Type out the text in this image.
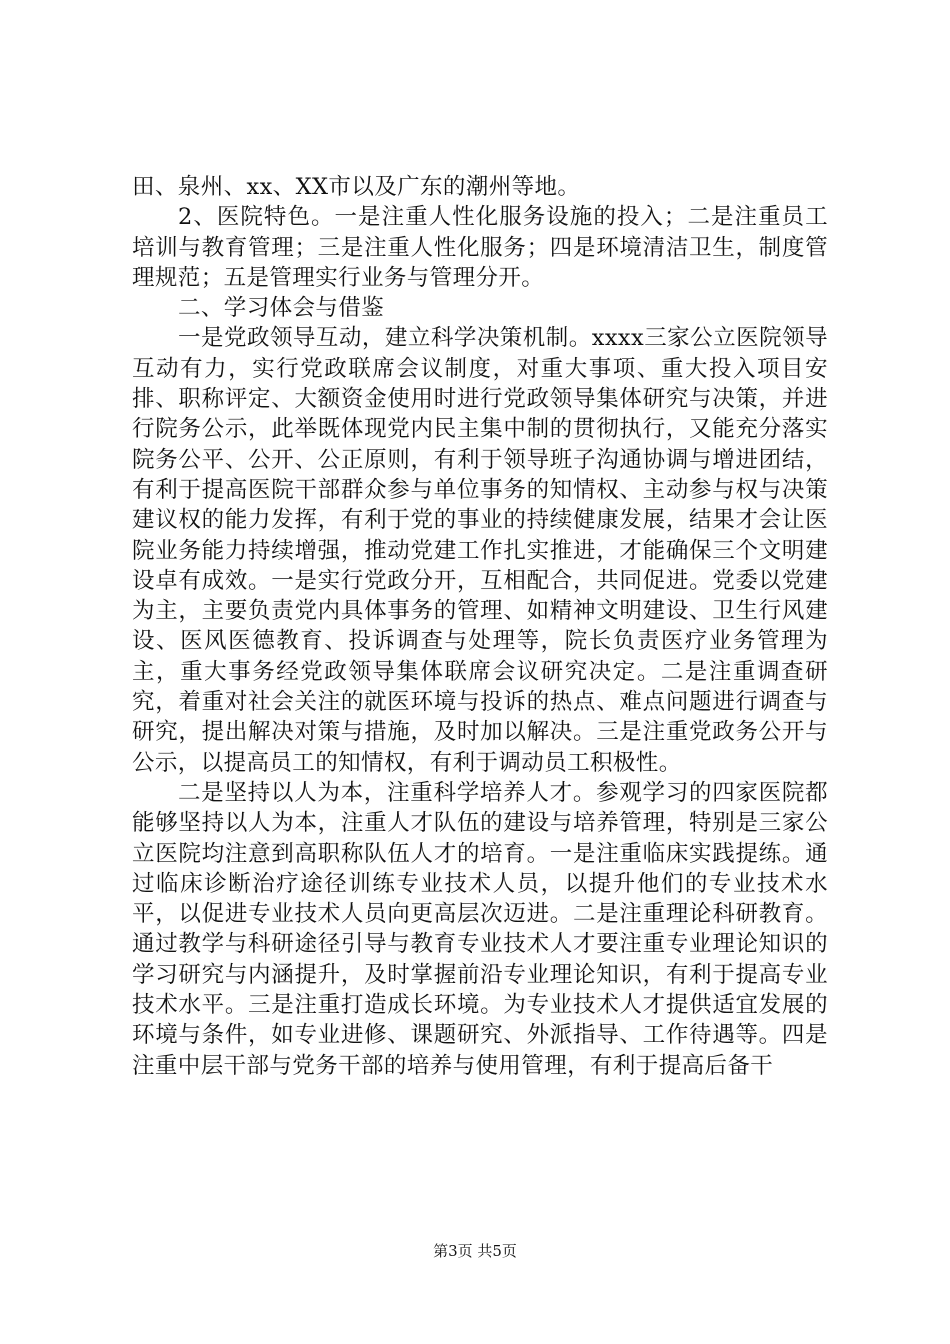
田、泉州、xx、XX市以及广东的潮州等地。

2、医院特色。一是注重人性化服务设施的投入；二是注重员工培训与教育管理；三是注重人性化服务；四是环境清洁卫生，制度管理规范；五是管理实行业务与管理分开。

二、学习体会与借鉴

一是党政领导互动，建立科学决策机制。xxxx三家公立医院领导互动有力，实行党政联席会议制度，对重大事项、重大投入项目安排、职称评定、大额资金使用时进行党政领导集体研究与决策，并进行院务公示，此举既体现党内民主集中制的贯彻执行，又能充分落实院务公平、公开、公正原则，有利于领导班子沟通协调与增进团结，有利于提高医院干部群众参与单位事务的知情权、主动参与权与决策建议权的能力发挥，有利于党的事业的持续健康发展，结果才会让医院业务能力持续增强，推动党建工作扎实推进，才能确保三个文明建设卓有成效。一是实行党政分开，互相配合，共同促进。党委以党建为主，主要负责党内具体事务的管理、如精神文明建设、卫生行风建设、医风医德教育、投诉调查与处理等，院长负责医疗业务管理为主，重大事务经党政领导集体联席会议研究决定。二是注重调查研究，着重对社会关注的就医环境与投诉的热点、难点问题进行调查与研究，提出解决对策与措施，及时加以解决。三是注重党政务公开与公示，以提高员工的知情权，有利于调动员工积极性。

二是坚持以人为本，注重科学培养人才。参观学习的四家医院都能够坚持以人为本，注重人才队伍的建设与培养管理，特别是三家公立医院均注意到高职称队伍人才的培育。一是注重临床实践提练。通过临床诊断治疗途径训练专业技术人员，以提升他们的专业技术水平，以促进专业技术人员向更高层次迈进。二是注重理论科研教育。通过教学与科研途径引导与教育专业技术人才要注重专业理论知识的学习研究与内涵提升，及时掌握前沿专业理论知识，有利于提高专业技术水平。三是注重打造成长环境。为专业技术人才提供适宜发展的环境与条件，如专业进修、课题研究、外派指导、工作待遇等。四是注重中层干部与党务干部的培养与使用管理，有利于提高后备干

第3页 共5页
